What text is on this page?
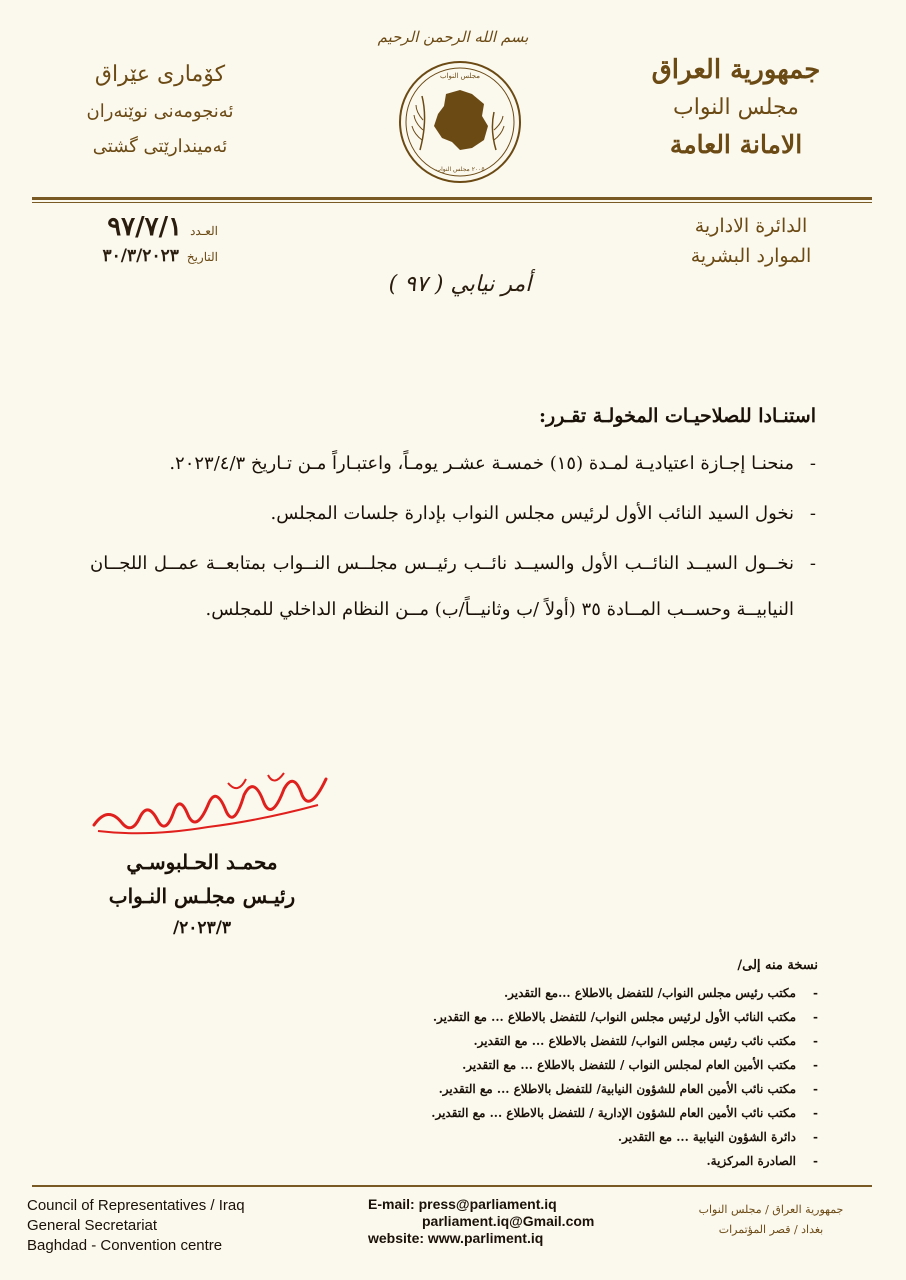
بسم الله الرحمن الرحيم
جمهورية العراق
مجلس النواب
الامانة العامة
كۆماری عێراق
ئەنجومەنی نوێنەران
ئەمیندارێتی گشتی
مجلس النواب
٢٠٠٥ مجلس النواب
العـدد
٩٧/٧/١
التاريخ
٣٠/٣/٢٠٢٣
الدائرة الادارية
الموارد البشرية
أمر نيابي ( ٩٧ )
استنـادا للصلاحيـات المخولـة تقـرر:
-
منحنـا إجـازة اعتياديـة لمـدة (١٥) خمسـة عشـر يومـاً، واعتبـاراً مـن تـاريخ ٢٠٢٣/٤/٣.
-
نخول السيد النائب الأول لرئيس مجلس النواب بإدارة جلسات المجلس.
-
نخــول السيــد النائــب الأول والسيــد نائــب رئيــس مجلــس النــواب بمتابعــة عمــل اللجــان النيابيــة وحســب المــادة ٣٥ (أولاً /ب وثانيــاً/ب) مــن النظام الداخلي للمجلس.
محمـد الحـلبوسـي
رئيـس مجلـس النـواب
٢٠٢٣/٣/
نسخة منه إلى/
-
مكتب رئيس مجلس النواب/ للتفضل بالاطلاع ...مع التقدير.
-
مكتب النائب الأول لرئيس مجلس النواب/ للتفضل بالاطلاع ... مع التقدير.
-
مكتب نائب رئيس مجلس النواب/ للتفضل بالاطلاع ... مع التقدير.
-
مكتب الأمين العام لمجلس النواب / للتفضل بالاطلاع ... مع التقدير.
-
مكتب نائب الأمين العام للشؤون النيابية/ للتفضل بالاطلاع ... مع التقدير.
-
مكتب نائب الأمين العام للشؤون الإدارية / للتفضل بالاطلاع ... مع التقدير.
-
دائرة الشؤون النيابية ... مع التقدير.
-
الصادرة المركزية.
Council of Representatives / Iraq
General Secretariat
Baghdad - Convention centre
E-mail: press@parliament.iq
parliament.iq@Gmail.com
website: www.parliment.iq
جمهورية العراق / مجلس النواب
بغداد / قصر المؤتمرات
